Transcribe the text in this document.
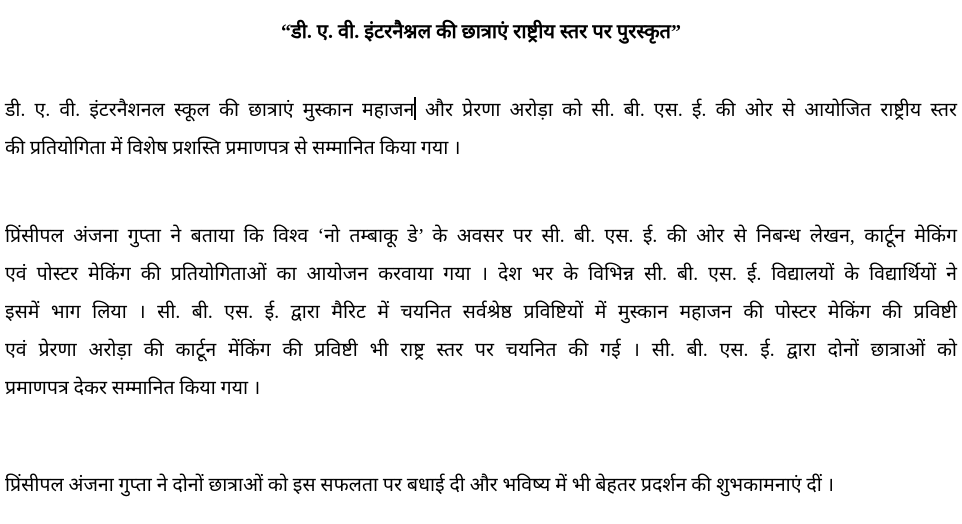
“डी. ए. वी. इंटरनैश्नल की छात्राएं राष्ट्रीय स्तर पर पुरस्कृत”
डी. ए. वी. इंटरनैशनल स्कूल की छात्राएं मुस्कान महाजन और प्रेरणा अरोड़ा को सी. बी. एस. ई. की ओर से आयोजित राष्ट्रीय स्तर
की प्रतियोगिता में विशेष प्रशस्ति प्रमाणपत्र से सम्मानित किया गया ।
प्रिंसीपल अंजना गुप्ता ने बताया कि विश्व ‘नो तम्बाकू डे’ के अवसर पर सी. बी. एस. ई. की ओर से निबन्ध लेखन, कार्टून मेकिंग
एवं पोस्टर मेकिंग की प्रतियोगिताओं का आयोजन करवाया गया । देश भर के विभिन्न सी. बी. एस. ई. विद्यालयों के विद्यार्थियों ने
इसमें भाग लिया । सी. बी. एस. ई. द्वारा मैरिट में चयनित सर्वश्रेष्ठ प्रविष्टियों में मुस्कान महाजन की पोस्टर मेकिंग की प्रविष्टी
एवं प्रेरणा अरोड़ा की कार्टून मेंकिंग की प्रविष्टी भी राष्ट्र स्तर पर चयनित की गई । सी. बी. एस. ई. द्वारा दोनों छात्राओं को
प्रमाणपत्र देकर सम्मानित किया गया ।
प्रिंसीपल अंजना गुप्ता ने दोनों छात्राओं को इस सफलता पर बधाई दी और भविष्य में भी बेहतर प्रदर्शन की शुभकामनाएं दीं ।
